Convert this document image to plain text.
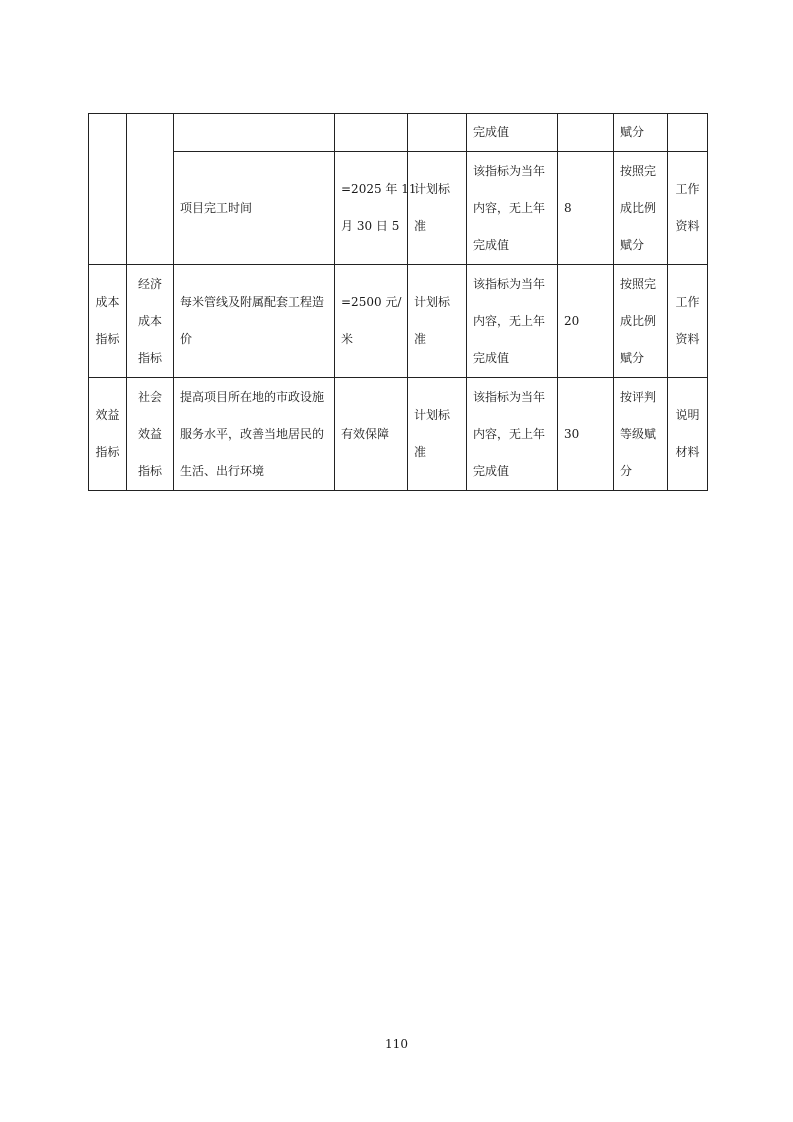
					完成值		赋分	

		项目完工时间	=2025 年 11
月 30 日 5	计划标
准	该指标为当年
内容，无上年
完成值	8	按照完
成比例
赋分	工作
资料

成本
指标	经济
成本
指标	每米管线及附属配套工程造
价	=2500 元/
米	计划标
准	该指标为当年
内容，无上年
完成值	20	按照完
成比例
赋分	工作
资料

效益
指标	社会
效益
指标	提高项目所在地的市政设施
服务水平，改善当地居民的
生活、出行环境	有效保障	计划标
准	该指标为当年
内容，无上年
完成值	30	按评判
等级赋
分	说明
材料
110
